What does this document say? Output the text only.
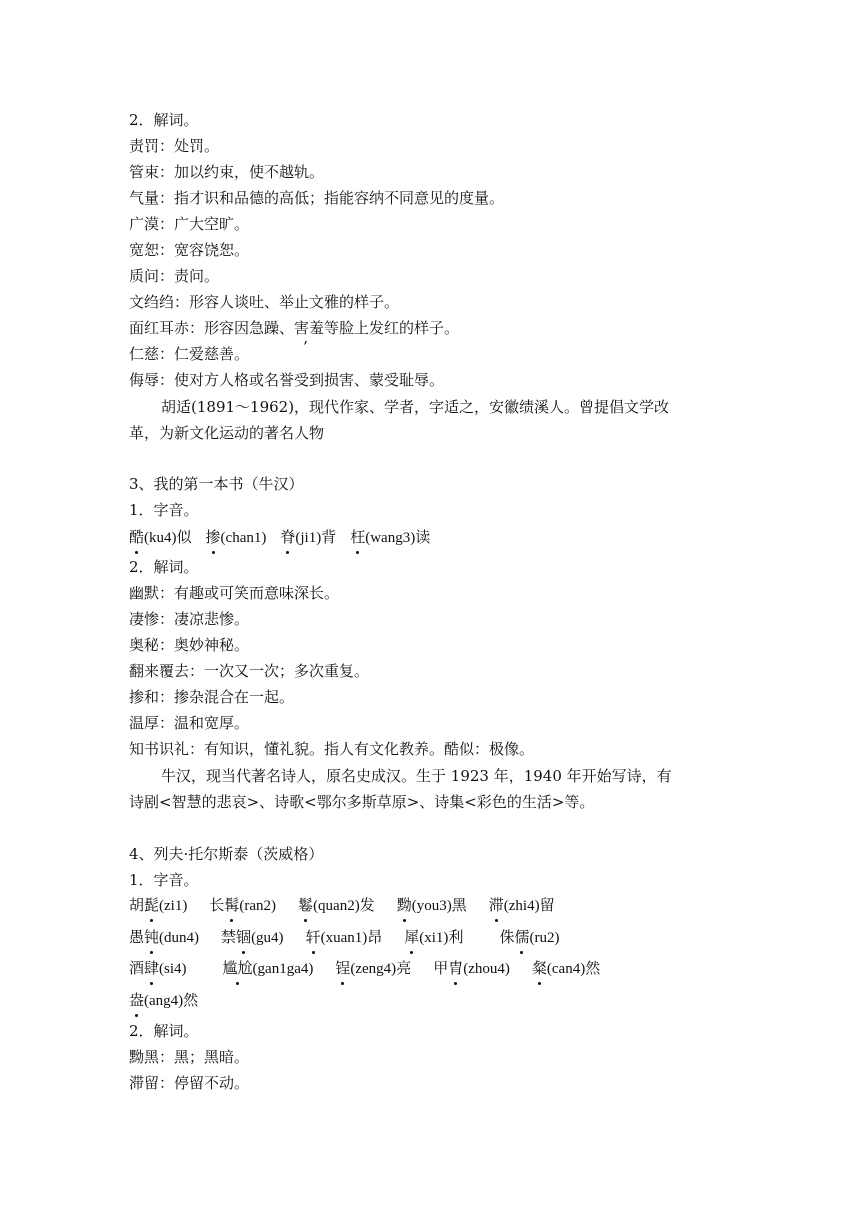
2．解词。
责罚：处罚。
管束：加以约束，使不越轨。
气量：指才识和品德的高低；指能容纳不同意见的度量。
广漠：广大空旷。
宽恕：宽容饶恕。
质问：责问。
文绉绉：形容人谈吐、举止文雅的样子。
面红耳赤：形容因急躁、害羞等脸上发红的样子。
仁慈：仁爱慈善。	’
侮辱：使对方人格或名誉受到损害、蒙受耻辱。
胡适(1891～1962)，现代作家、学者，字适之，安徽绩溪人。曾提倡文学改
革，为新文化运动的著名人物
3、我的第一本书（牛汉）
1．字音。
酷(ku4)似 掺(chan1) 脊(ji1)背 枉(wang3)读
2．解词。
幽默：有趣或可笑而意味深长。
凄惨：凄凉悲惨。
奥秘：奥妙神秘。
翻来覆去：一次又一次；多次重复。
掺和：掺杂混合在一起。
温厚：温和宽厚。
知书识礼：有知识，懂礼貌。指人有文化教养。酷似：极像。
牛汉，现当代著名诗人，原名史成汉。生于 1923 年，1940 年开始写诗，有
诗剧<智慧的悲哀>、诗歌<鄂尔多斯草原>、诗集<彩色的生活>等。
4、列夫·托尔斯泰（茨威格）
1．字音。
胡髭(zi1) 长髯(ran2) 鬈(quan2)发 黝(you3)黑 滞(zhi4)留
愚钝(dun4) 禁锢(gu4) 轩(xuan1)昂 犀(xi1)利 侏儒(ru2)
酒肆(si4) 尴尬(gan1ga4) 锃(zeng4)亮 甲胄(zhou4) 粲(can4)然
盎(ang4)然
2．解词。
黝黑：黑；黑暗。
滞留：停留不动。
